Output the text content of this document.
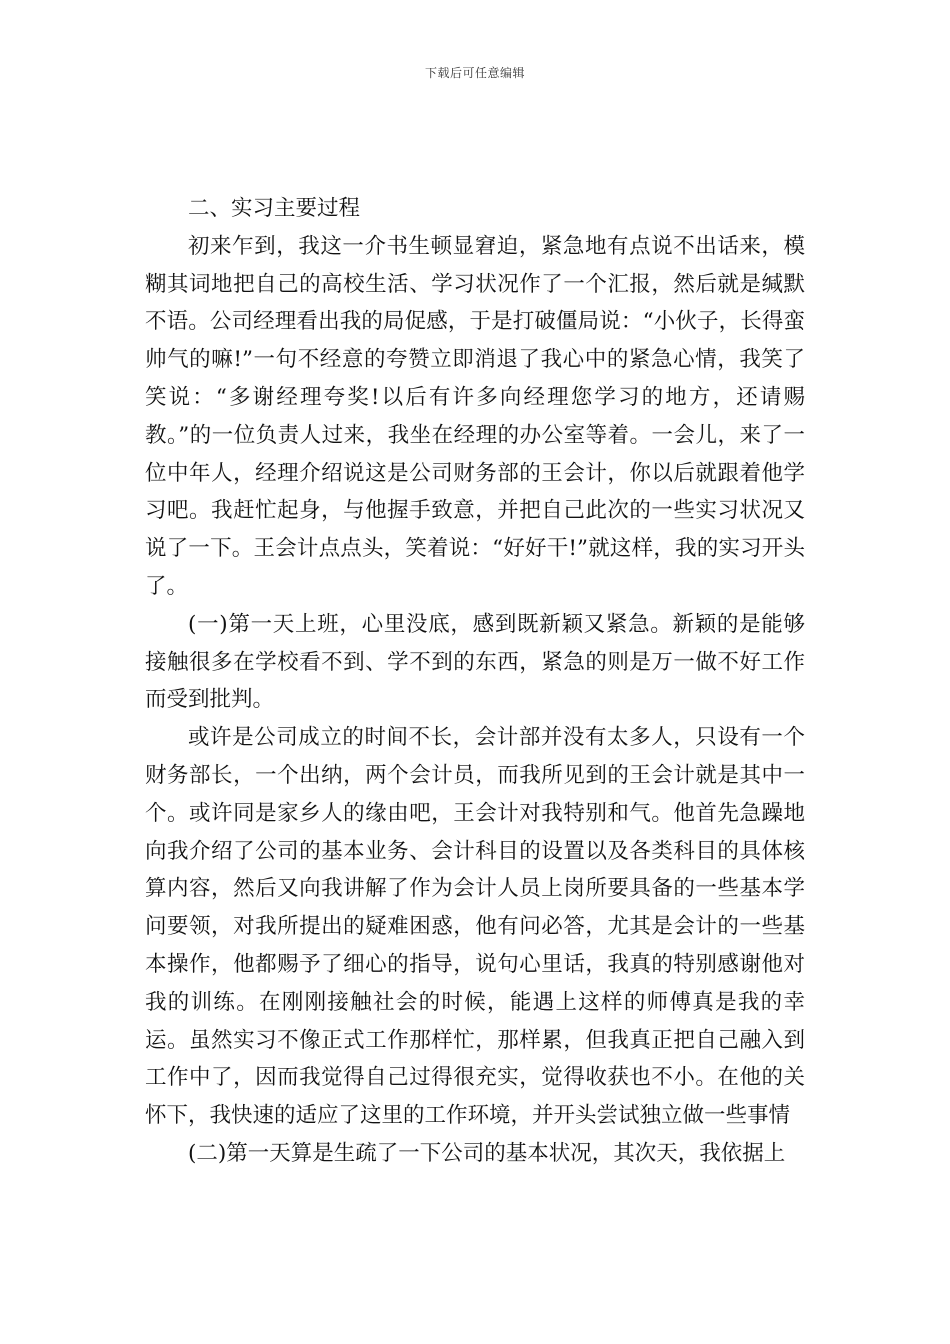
下载后可任意编辑

二、实习主要过程

初来乍到，我这一介书生顿显窘迫，紧急地有点说不出话来，模糊其词地把自己的高校生活、学习状况作了一个汇报，然后就是缄默不语。公司经理看出我的局促感，于是打破僵局说：“小伙子，长得蛮帅气的嘛!”一句不经意的夸赞立即消退了我心中的紧急心情，我笑了笑说：“多谢经理夸奖!以后有许多向经理您学习的地方，还请赐教。”的一位负责人过来，我坐在经理的办公室等着。一会儿，来了一位中年人，经理介绍说这是公司财务部的王会计，你以后就跟着他学习吧。我赶忙起身，与他握手致意，并把自己此次的一些实习状况又说了一下。王会计点点头，笑着说：“好好干!”就这样，我的实习开头了。

(一)第一天上班，心里没底，感到既新颖又紧急。新颖的是能够接触很多在学校看不到、学不到的东西，紧急的则是万一做不好工作而受到批判。

或许是公司成立的时间不长，会计部并没有太多人，只设有一个财务部长，一个出纳，两个会计员，而我所见到的王会计就是其中一个。或许同是家乡人的缘由吧，王会计对我特别和气。他首先急躁地向我介绍了公司的基本业务、会计科目的设置以及各类科目的具体核算内容，然后又向我讲解了作为会计人员上岗所要具备的一些基本学问要领，对我所提出的疑难困惑，他有问必答，尤其是会计的一些基本操作，他都赐予了细心的指导，说句心里话，我真的特别感谢他对我的训练。在刚刚接触社会的时候，能遇上这样的师傅真是我的幸运。虽然实习不像正式工作那样忙，那样累，但我真正把自己融入到工作中了，因而我觉得自己过得很充实，觉得收获也不小。在他的关怀下，我快速的适应了这里的工作环境，并开头尝试独立做一些事情

(二)第一天算是生疏了一下公司的基本状况，其次天，我依据上
